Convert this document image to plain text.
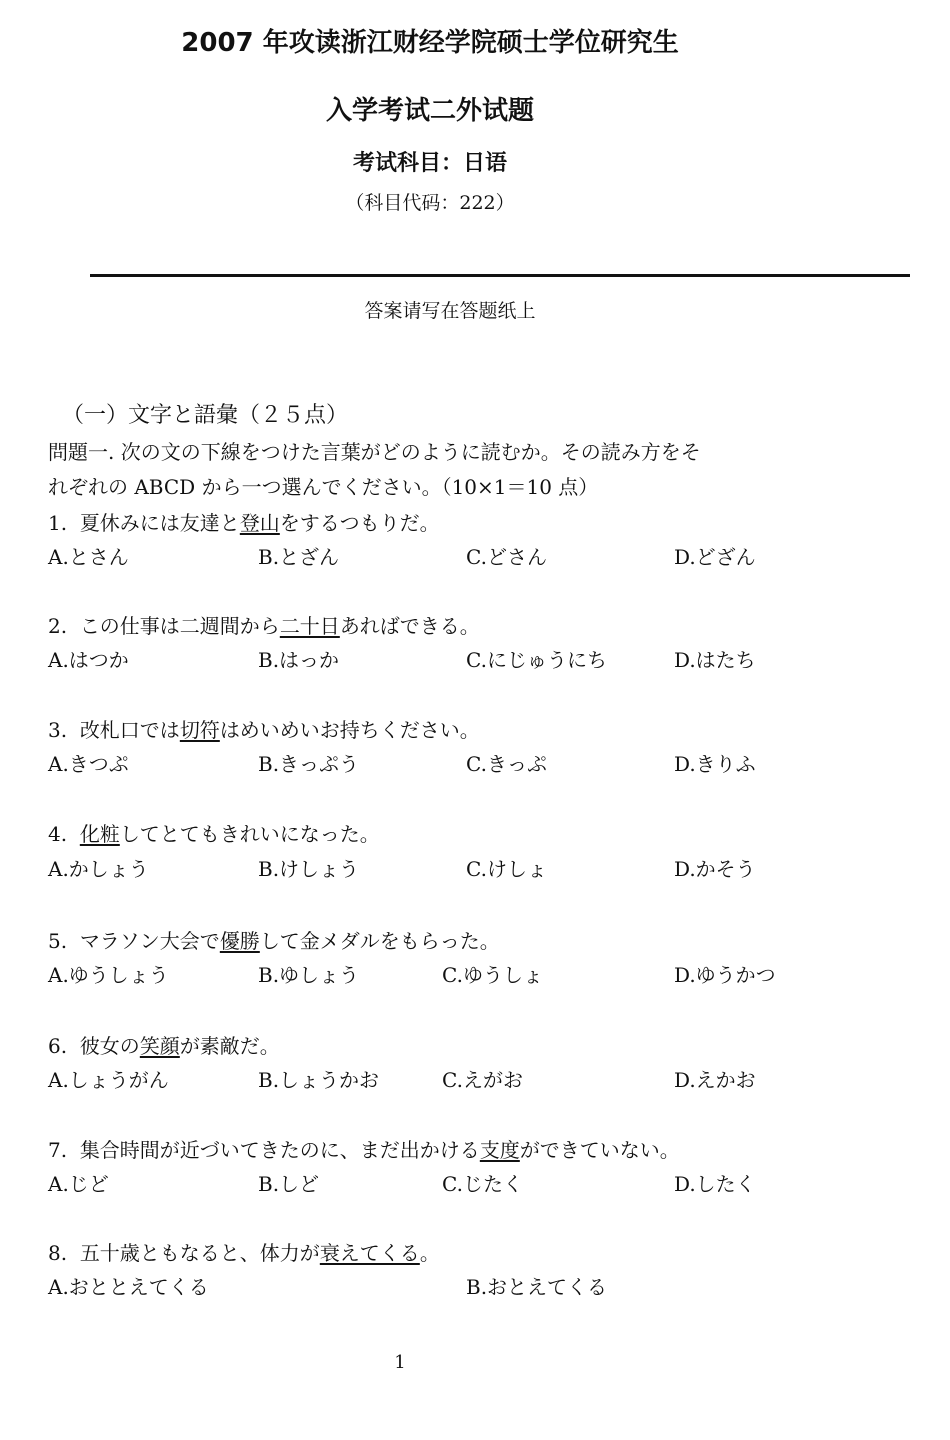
2007 年攻读浙江财经学院硕士学位研究生
入学考试二外试题
考试科目：日语
（科目代码：222）
答案请写在答题纸上
（一）文字と語彙（２５点）
問題一. 次の文の下線をつけた言葉がどのように読むか。その読み方をそ
れぞれの ABCD から一つ選んでください。（10×1＝10 点）
1. 夏休みには友達と登山をするつもりだ。
A.とさん	B.とざん	C.どさん	D.どざん
2. この仕事は二週間から二十日あればできる。
A.はつか	B.はっか	C.にじゅうにち	D.はたち
3. 改札口では切符はめいめいお持ちください。
A.きつぷ	B.きっぷう	C.きっぷ	D.きりふ
4. 化粧してとてもきれいになった。
A.かしょう	B.けしょう	C.けしょ	D.かそう
5. マラソン大会で優勝して金メダルをもらった。
A.ゆうしょう	B.ゆしょう	C.ゆうしょ	D.ゆうかつ
6. 彼女の笑顔が素敵だ。
A.しょうがん	B.しょうかお	C.えがお	D.えかお
7. 集合時間が近づいてきたのに、まだ出かける支度ができていない。
A.じど	B.しど	C.じたく	D.したく
8. 五十歳ともなると、体力が衰えてくる。
A.おととえてくる	B.おとえてくる
1
